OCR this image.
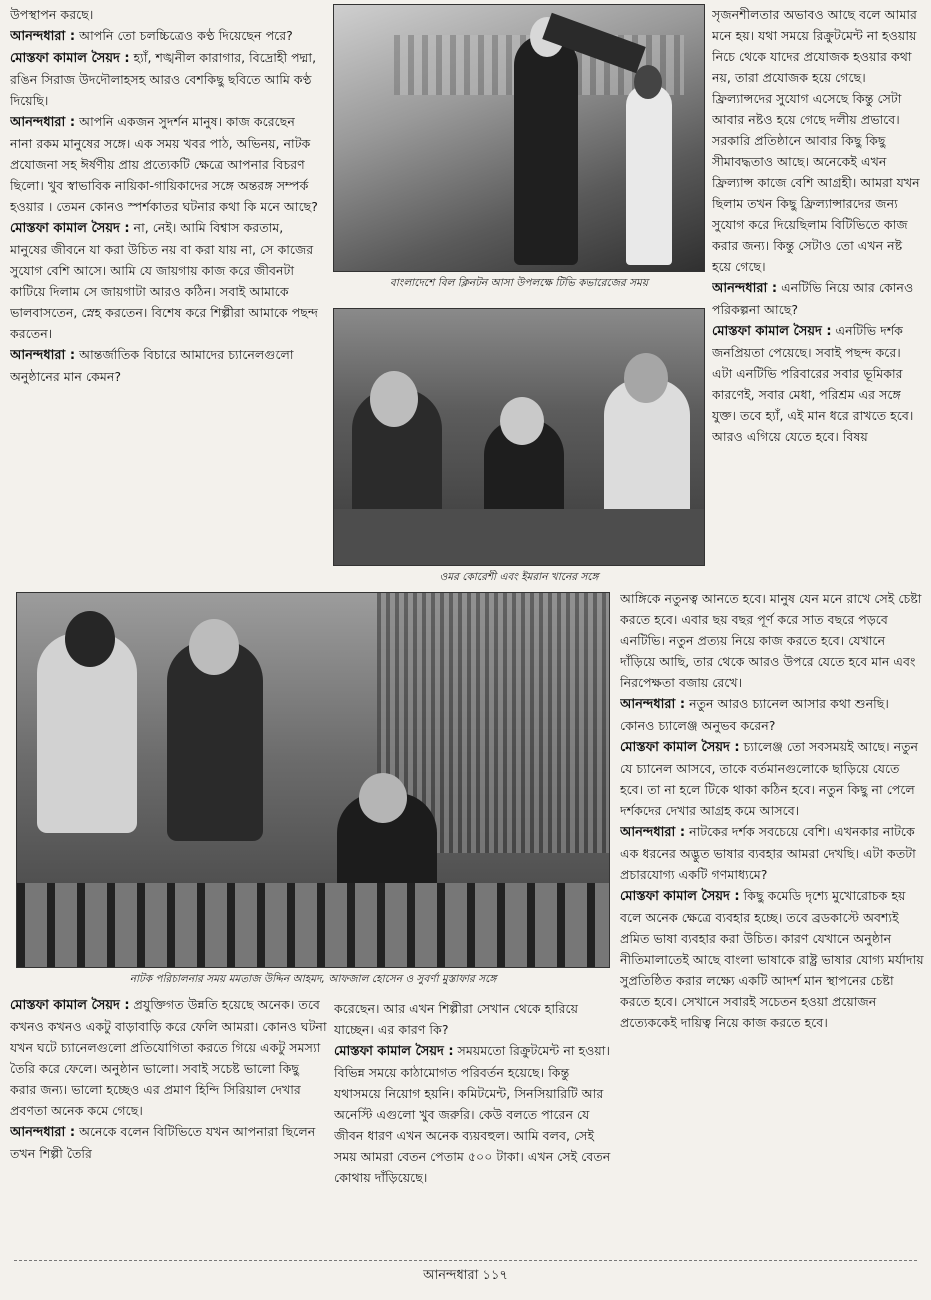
উপস্থাপন করছে।

আনন্দধারা : আপনি তো চলচ্চিত্রেও কণ্ঠ দিয়েছেন পরে?

মোস্তফা কামাল সৈয়দ : হ্যাঁ, শঙ্খনীল কারাগার, বিদ্রোহী পদ্মা, রঙিন সিরাজ উদদৌলাহসহ আরও বেশকিছু ছবিতে আমি কণ্ঠ দিয়েছি।

আনন্দধারা : আপনি একজন সুদর্শন মানুষ। কাজ করেছেন নানা রকম মানুষের সঙ্গে। এক সময় খবর পাঠ, অভিনয়, নাটক প্রযোজনা সহ ঈর্ষণীয় প্রায় প্রত্যেকটি ক্ষেত্রে আপনার বিচরণ ছিলো। খুব স্বাভাবিক নায়িকা-গায়িকাদের সঙ্গে অন্তরঙ্গ সম্পর্ক হওয়ার । তেমন কোনও স্পর্শকাতর ঘটনার কথা কি মনে আছে?

মোস্তফা কামাল সৈয়দ : না, নেই। আমি বিশ্বাস করতাম, মানুষের জীবনে যা করা উচিত নয় বা করা যায় না, সে কাজের সুযোগ বেশি আসে। আমি যে জায়গায় কাজ করে জীবনটা কাটিয়ে দিলাম সে জায়গাটা আরও কঠিন। সবাই আমাকে ভালবাসতেন, স্নেহ করতেন। বিশেষ করে শিল্পীরা আমাকে পছন্দ করতেন।

আনন্দধারা : আন্তর্জাতিক বিচারে আমাদের চ্যানেলগুলো অনুষ্ঠানের মান কেমন?

বাংলাদেশে বিল ক্লিনটন আসা উপলক্ষে টিভি কভারেজের সময়
ওমর কোরেশী এবং ইমরান খানের সঙ্গে

সৃজনশীলতার অভাবও আছে বলে আমার মনে হয়। যথা সময়ে রিক্রুটমেন্ট না হওয়ায় নিচে থেকে যাদের প্রযোজক হওয়ার কথা নয়, তারা প্রযোজক হয়ে গেছে। ফ্রিল্যান্সদের সুযোগ এসেছে কিন্তু সেটা আবার নষ্টও হয়ে গেছে দলীয় প্রভাবে। সরকারি প্রতিষ্ঠানে আবার কিছু কিছু সীমাবদ্ধতাও আছে। অনেকেই এখন ফ্রিল্যান্স কাজে বেশি আগ্রহী। আমরা যখন ছিলাম তখন কিছু ফ্রিল্যান্সারদের জন্য সুযোগ করে দিয়েছিলাম বিটিভিতে কাজ করার জন্য। কিন্তু সেটাও তো এখন নষ্ট হয়ে গেছে।

আনন্দধারা : এনটিভি নিয়ে আর কোনও পরিকল্পনা আছে?

মোস্তফা কামাল সৈয়দ : এনটিভি দর্শক জনপ্রিয়তা পেয়েছে। সবাই পছন্দ করে। এটা এনটিভি পরিবারের সবার ভূমিকার কারণেই, সবার মেধা, পরিশ্রম এর সঙ্গে যুক্ত। তবে হ্যাঁ, এই মান ধরে রাখতে হবে। আরও এগিয়ে যেতে হবে। বিষয়

নাটক পরিচালনার সময় মমতাজ উদ্দিন আহমদ, আফজাল হোসেন ও সুবর্ণা মুস্তাফার সঙ্গে

আঙ্গিকে নতুনত্ব আনতে হবে। মানুষ যেন মনে রাখে সেই চেষ্টা করতে হবে। এবার ছয় বছর পূর্ণ করে সাত বছরে পড়বে এনটিভি। নতুন প্রত্যয় নিয়ে কাজ করতে হবে। যেখানে দাঁড়িয়ে আছি, তার থেকে আরও উপরে যেতে হবে মান এবং নিরপেক্ষতা বজায় রেখে।

আনন্দধারা : নতুন আরও চ্যানেল আসার কথা শুনছি। কোনও চ্যালেঞ্জ অনুভব করেন?

মোস্তফা কামাল সৈয়দ : চ্যালেঞ্জ তো সবসময়ই আছে। নতুন যে চ্যানেল আসবে, তাকে বর্তমানগুলোকে ছাড়িয়ে যেতে হবে। তা না হলে টিকে থাকা কঠিন হবে। নতুন কিছু না পেলে দর্শকদের দেখার আগ্রহ কমে আসবে।

আনন্দধারা : নাটকের দর্শক সবচেয়ে বেশি। এখনকার নাটকে এক ধরনের অদ্ভুত ভাষার ব্যবহার আমরা দেখছি। এটা কতটা প্রচারযোগ্য একটি গণমাধ্যমে?

মোস্তফা কামাল সৈয়দ : কিছু কমেডি দৃশ্যে মুখোরোচক হয় বলে অনেক ক্ষেত্রে ব্যবহার হচ্ছে। তবে ব্রডকাস্টে অবশ্যই প্রমিত ভাষা ব্যবহার করা উচিত। কারণ যেখানে অনুষ্ঠান নীতিমালাতেই আছে বাংলা ভাষাকে রাষ্ট্র ভাষার যোগ্য মর্যাদায় সুপ্রতিষ্ঠিত করার লক্ষ্যে একটি আদর্শ মান স্থাপনের চেষ্টা করতে হবে। সেখানে সবারই সচেতন হওয়া প্রয়োজন প্রত্যেককেই দায়িত্ব নিয়ে কাজ করতে হবে।

মোস্তফা কামাল সৈয়দ : প্রযুক্তিগত উন্নতি হয়েছে অনেক। তবে কখনও কখনও একটু বাড়াবাড়ি করে ফেলি আমরা। কোনও ঘটনা যখন ঘটে চ্যানেলগুলো প্রতিযোগিতা করতে গিয়ে একটু সমস্যা তৈরি করে ফেলে। অনুষ্ঠান ভালো। সবাই সচেষ্ট ভালো কিছু করার জন্য। ভালো হচ্ছেও এর প্রমাণ হিন্দি সিরিয়াল দেখার প্রবণতা অনেক কমে গেছে।

আনন্দধারা : অনেকে বলেন বিটিভিতে যখন আপনারা ছিলেন তখন শিল্পী তৈরি

করেছেন। আর এখন শিল্পীরা সেখান থেকে হারিয়ে যাচ্ছেন। এর কারণ কি?

মোস্তফা কামাল সৈয়দ : সময়মতো রিক্রুটমেন্ট না হওয়া। বিভিন্ন সময়ে কাঠামোগত পরিবর্তন হয়েছে। কিন্তু যথাসময়ে নিয়োগ হয়নি। কমিটমেন্ট, সিনসিয়ারিটি আর অনেস্টি এগুলো খুব জরুরি। কেউ বলতে পারেন যে জীবন ধারণ এখন অনেক ব্যয়বহুল। আমি বলব, সেই সময় আমরা বেতন পেতাম ৫০০ টাকা। এখন সেই বেতন কোথায় দাঁড়িয়েছে।

আনন্দধারা ১১৭
